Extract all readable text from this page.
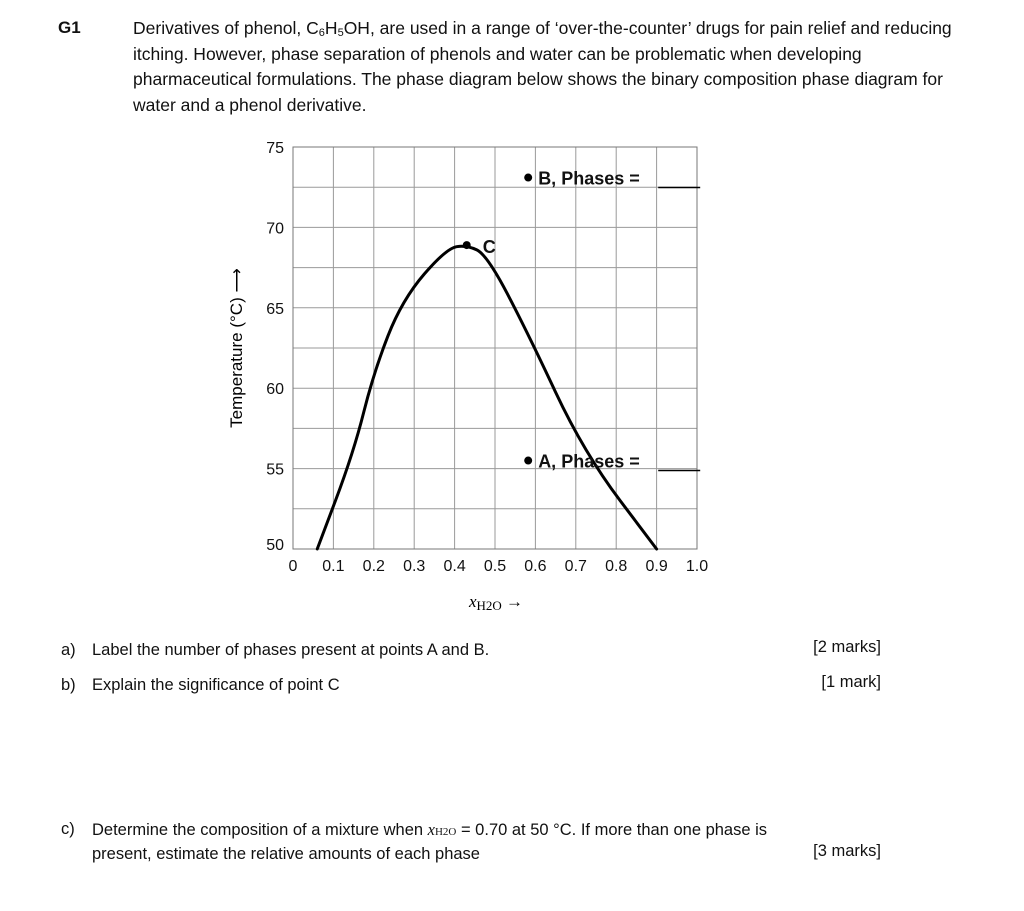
G1	Derivatives of phenol, $C_6H_5OH$, are used in a range of ‘over-the-counter’ drugs for pain relief and reducing itching. However, phase separation of phenols and water can be problematic when developing pharmaceutical formulations. The phase diagram below shows the binary composition phase diagram for water and a phenol derivative.

50
55
60
65
70
75
0 0.1 0.2 0.3 0.4 0.5 0.6 0.7 0.8 0.9 1.0
C
A, Phases =
B, Phases =
Temperature (°C) ⟶
xH2O →
a) Label the number of phases present at points A and B.	[2 marks]
b) Explain the significance of point C	[1 mark]
c) Determine the composition of a mixture when xH2O = 0.70 at 50 °C. If more than one phase is
present, estimate the relative amounts of each phase	[3 marks]
